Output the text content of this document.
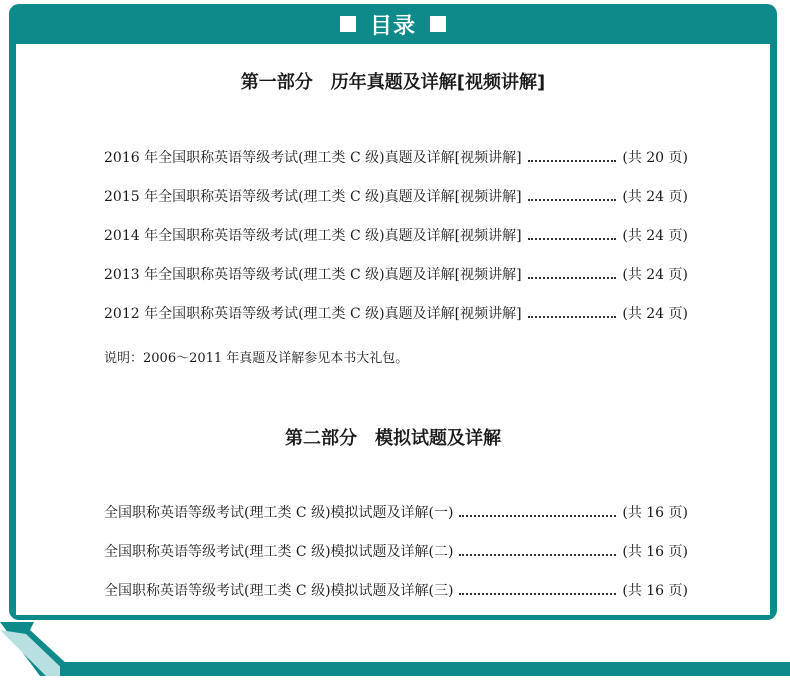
目录
第一部分　历年真题及详解[视频讲解]
2016 年全国职称英语等级考试(理工类 C 级)真题及详解[视频讲解]	(共 20 页)
2015 年全国职称英语等级考试(理工类 C 级)真题及详解[视频讲解]	(共 24 页)
2014 年全国职称英语等级考试(理工类 C 级)真题及详解[视频讲解]	(共 24 页)
2013 年全国职称英语等级考试(理工类 C 级)真题及详解[视频讲解]	(共 24 页)
2012 年全国职称英语等级考试(理工类 C 级)真题及详解[视频讲解]	(共 24 页)
说明：2006～2011 年真题及详解参见本书大礼包。
第二部分　模拟试题及详解
全国职称英语等级考试(理工类 C 级)模拟试题及详解(一)	(共 16 页)
全国职称英语等级考试(理工类 C 级)模拟试题及详解(二)	(共 16 页)
全国职称英语等级考试(理工类 C 级)模拟试题及详解(三)	(共 16 页)
